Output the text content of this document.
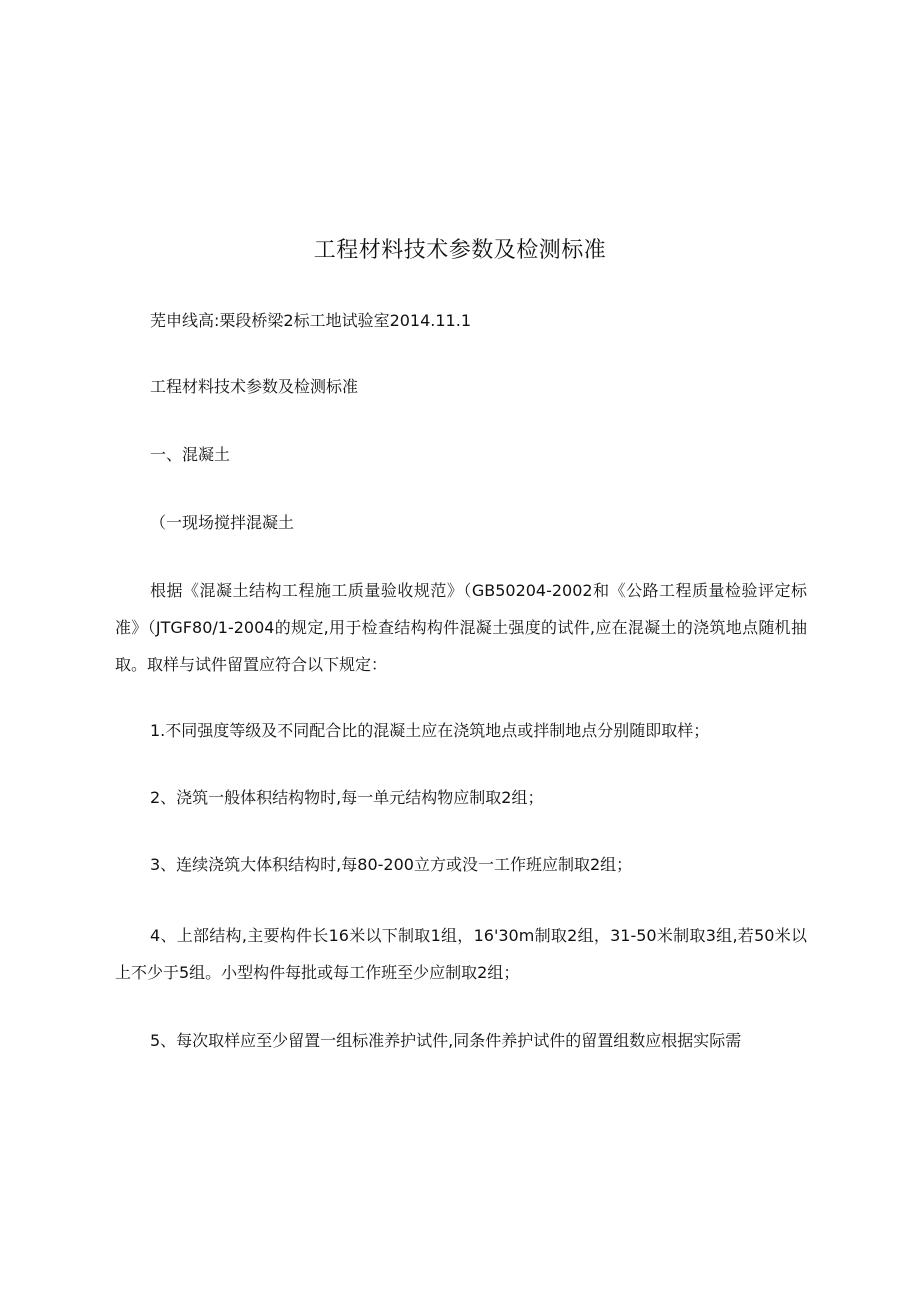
工程材料技术参数及检测标准

芜申线高:栗段桥梁2标工地试验室2014.11.1

工程材料技术参数及检测标准

一、混凝土

（一现场搅拌混凝土

根据《混凝土结构工程施工质量验收规范》（GB50204-2002和《公路工程质量检验评定标准》（JTGF80/1-2004的规定,用于检查结构构件混凝土强度的试件,应在混凝土的浇筑地点随机抽取。取样与试件留置应符合以下规定：

1.不同强度等级及不同配合比的混凝土应在浇筑地点或拌制地点分别随即取样；

2、浇筑一般体积结构物时,每一单元结构物应制取2组；

3、连续浇筑大体积结构时,每80-200立方或没一工作班应制取2组；

4、上部结构,主要构件长16米以下制取1组，16'30m制取2组，31-50米制取3组,若50米以上不少于5组。小型构件每批或每工作班至少应制取2组；

5、每次取样应至少留置一组标准养护试件,同条件养护试件的留置组数应根据实际需
